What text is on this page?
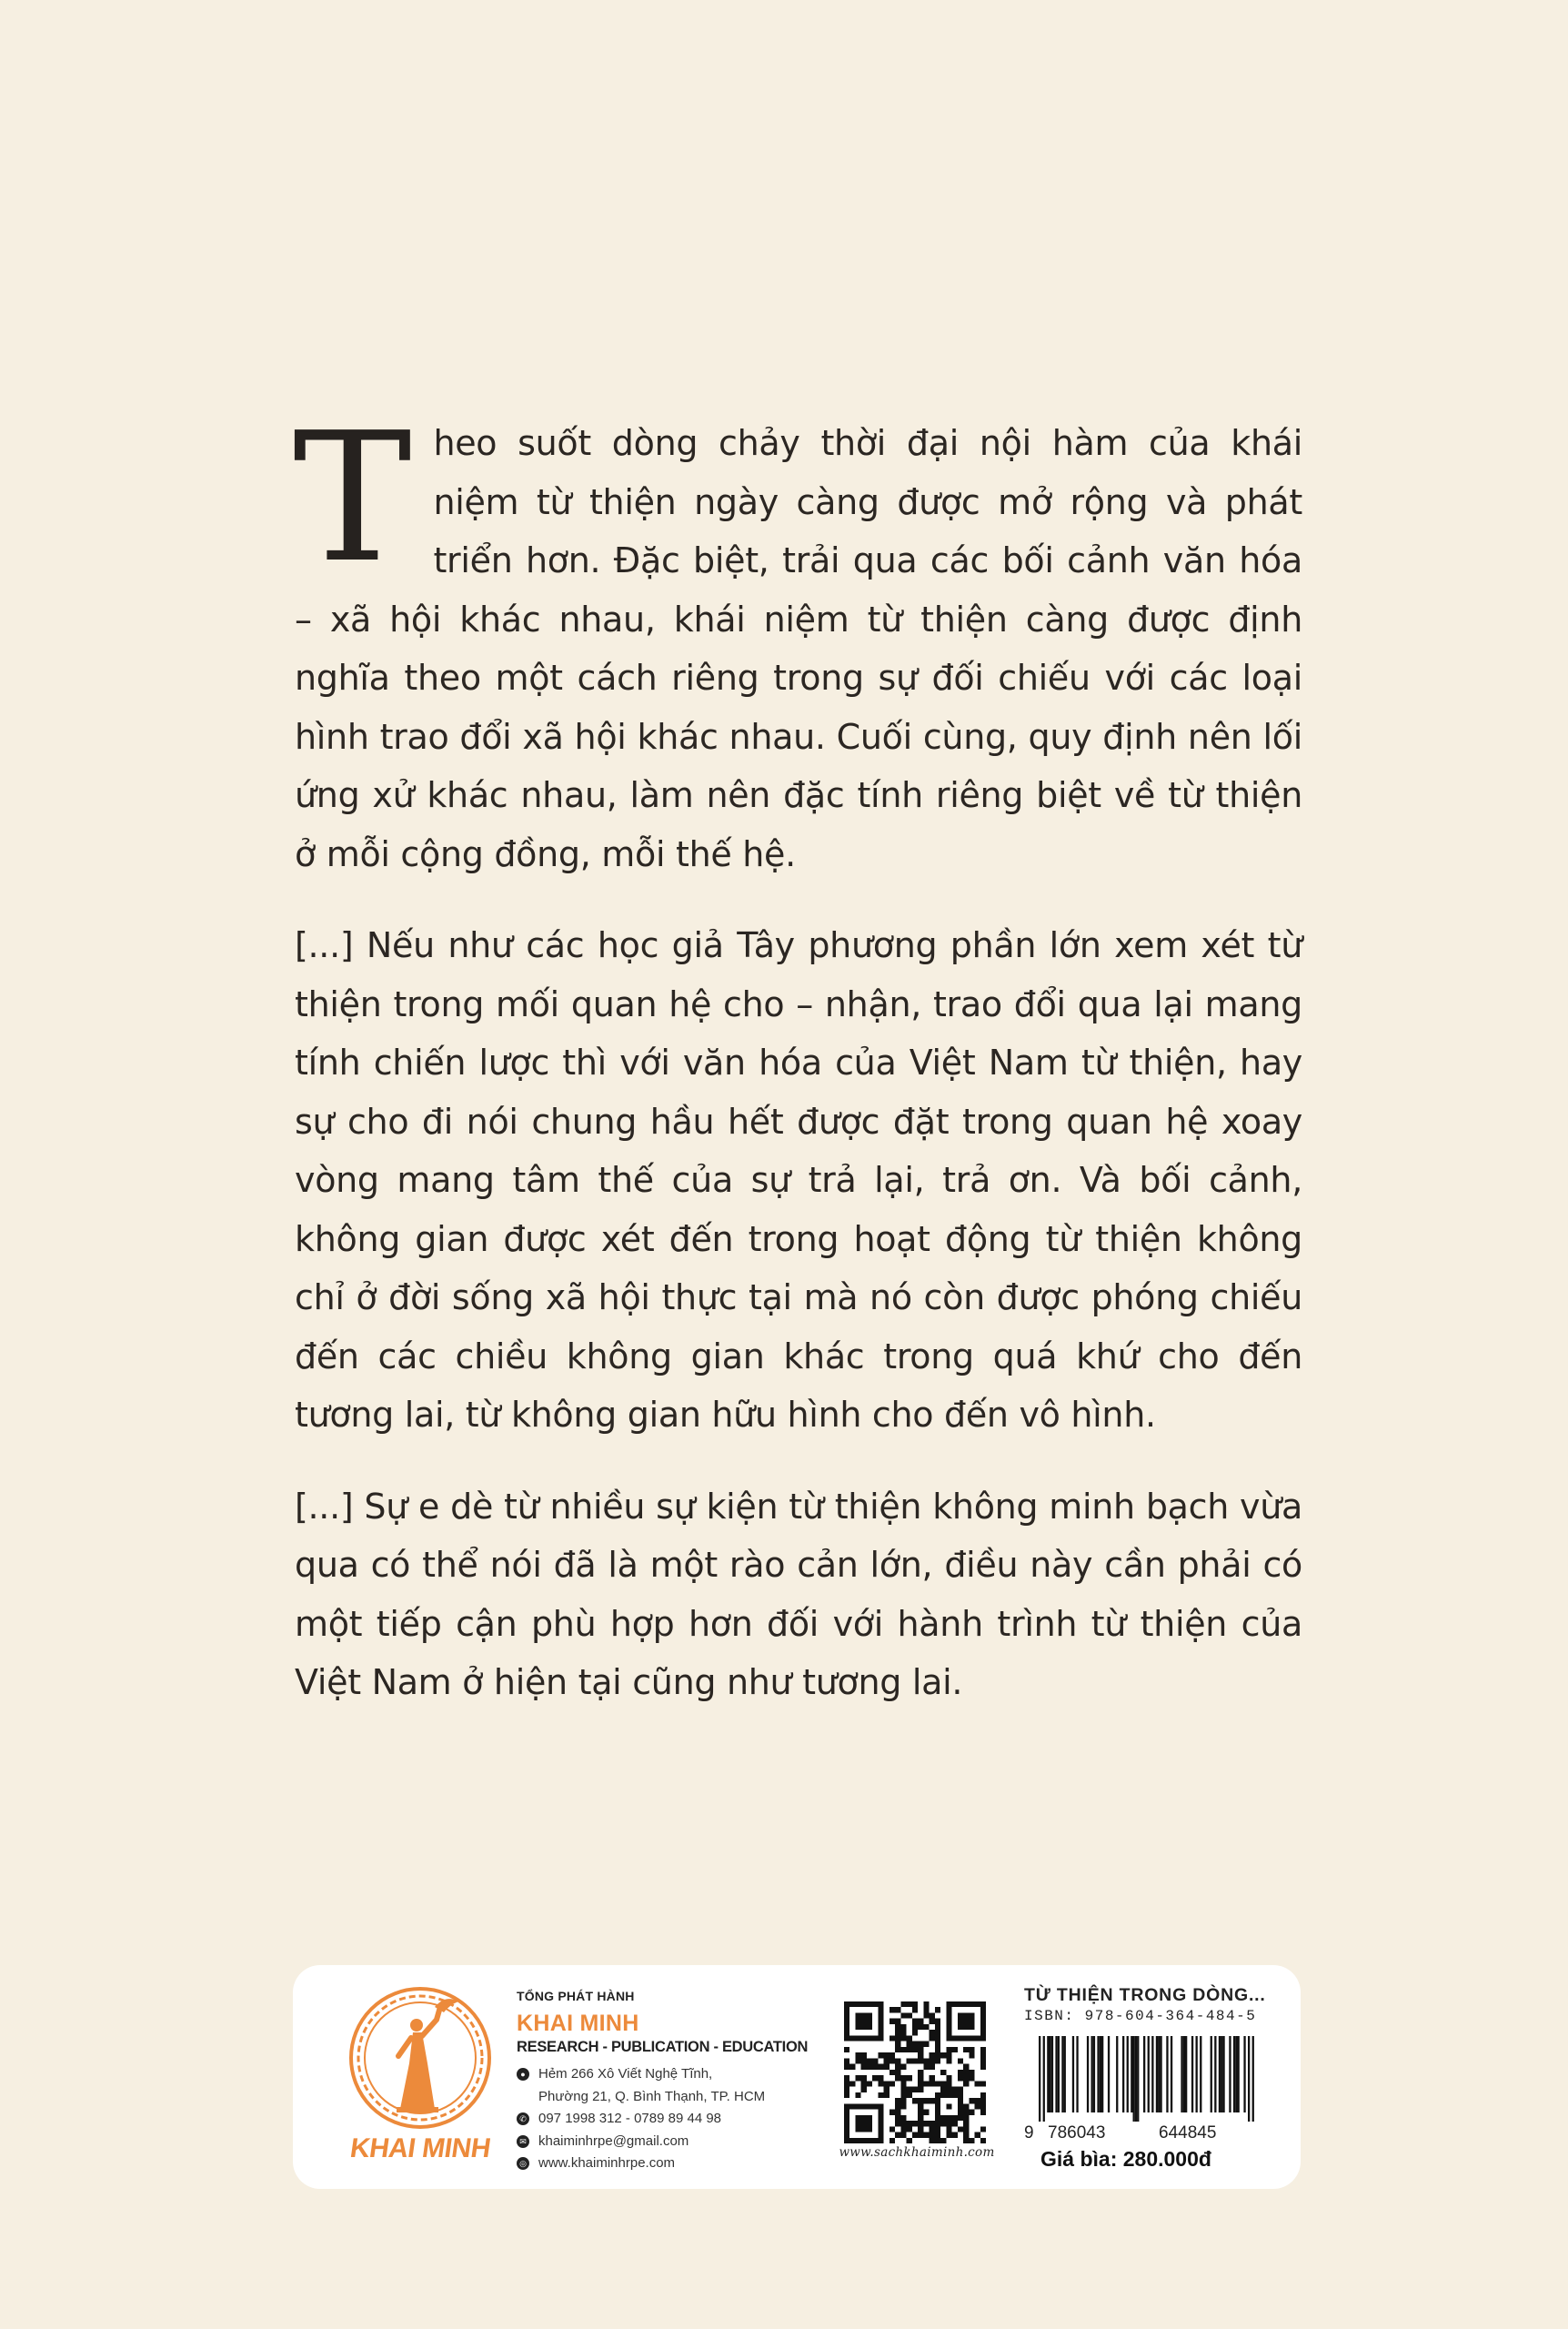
Theo suốt dòng chảy thời đại nội hàm của khái niệm từ thiện ngày càng được mở rộng và phát triển hơn. Đặc biệt, trải qua các bối cảnh văn hóa – xã hội khác nhau, khái niệm từ thiện càng được định nghĩa theo một cách riêng trong sự đối chiếu với các loại hình trao đổi xã hội khác nhau. Cuối cùng, quy định nên lối ứng xử khác nhau, làm nên đặc tính riêng biệt về từ thiện ở mỗi cộng đồng, mỗi thế hệ.

[...] Nếu như các học giả Tây phương phần lớn xem xét từ thiện trong mối quan hệ cho – nhận, trao đổi qua lại mang tính chiến lược thì với văn hóa của Việt Nam từ thiện, hay sự cho đi nói chung hầu hết được đặt trong quan hệ xoay vòng mang tâm thế của sự trả lại, trả ơn. Và bối cảnh, không gian được xét đến trong hoạt động từ thiện không chỉ ở đời sống xã hội thực tại mà nó còn được phóng chiếu đến các chiều không gian khác trong quá khứ cho đến tương lai, từ không gian hữu hình cho đến vô hình.

[...] Sự e dè từ nhiều sự kiện từ thiện không minh bạch vừa qua có thể nói đã là một rào cản lớn, điều này cần phải có một tiếp cận phù hợp hơn đối với hành trình từ thiện của Việt Nam ở hiện tại cũng như tương lai.

KHAI MINH
TỔNG PHÁT HÀNH
KHAI MINH
RESEARCH - PUBLICATION - EDUCATION
● Hẻm 266 Xô Viết Nghệ Tĩnh,
Phường 21, Q. Bình Thạnh, TP. HCM
✆ 097 1998 312 - 0789 89 44 98
✉ khaiminhrpe@gmail.com
◎ www.khaiminhrpe.com
www.sachkhaiminh.com
TỪ THIỆN TRONG DÒNG...
ISBN: 978-604-364-484-5
9 786043	644845
Giá bìa: 280.000đ
